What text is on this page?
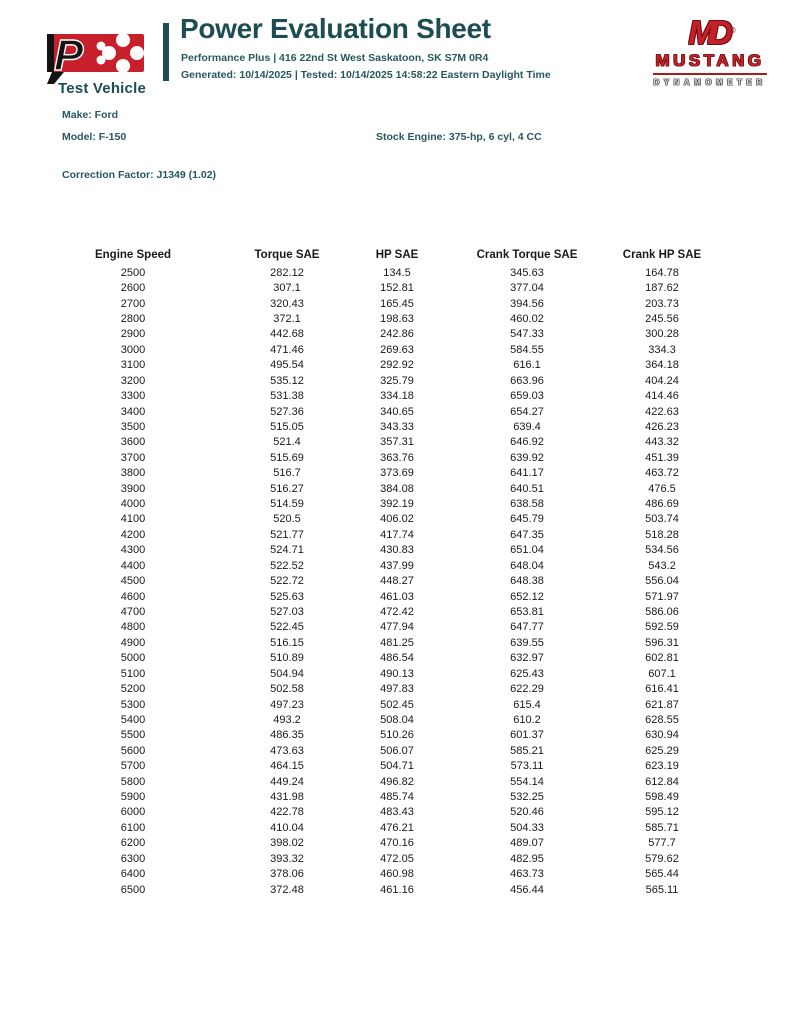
P
Test Vehicle
Power Evaluation Sheet
Performance Plus | 416 22nd St West Saskatoon, SK S7M 0R4
Generated: 10/14/2025 | Tested: 10/14/2025 14:58:22 Eastern Daylight Time
MD ®
MUSTANG
DYNAMOMETER
Make: Ford
Model: F-150	Stock Engine: 375-hp, 6 cyl, 4 CC
Correction Factor: J1349 (1.02)
Engine Speed	Torque SAE	HP SAE	Crank Torque SAE	Crank HP SAE
2500	282.12	134.5	345.63	164.78
2600	307.1	152.81	377.04	187.62
2700	320.43	165.45	394.56	203.73
2800	372.1	198.63	460.02	245.56
2900	442.68	242.86	547.33	300.28
3000	471.46	269.63	584.55	334.3
3100	495.54	292.92	616.1	364.18
3200	535.12	325.79	663.96	404.24
3300	531.38	334.18	659.03	414.46
3400	527.36	340.65	654.27	422.63
3500	515.05	343.33	639.4	426.23
3600	521.4	357.31	646.92	443.32
3700	515.69	363.76	639.92	451.39
3800	516.7	373.69	641.17	463.72
3900	516.27	384.08	640.51	476.5
4000	514.59	392.19	638.58	486.69
4100	520.5	406.02	645.79	503.74
4200	521.77	417.74	647.35	518.28
4300	524.71	430.83	651.04	534.56
4400	522.52	437.99	648.04	543.2
4500	522.72	448.27	648.38	556.04
4600	525.63	461.03	652.12	571.97
4700	527.03	472.42	653.81	586.06
4800	522.45	477.94	647.77	592.59
4900	516.15	481.25	639.55	596.31
5000	510.89	486.54	632.97	602.81
5100	504.94	490.13	625.43	607.1
5200	502.58	497.83	622.29	616.41
5300	497.23	502.45	615.4	621.87
5400	493.2	508.04	610.2	628.55
5500	486.35	510.26	601.37	630.94
5600	473.63	506.07	585.21	625.29
5700	464.15	504.71	573.11	623.19
5800	449.24	496.82	554.14	612.84
5900	431.98	485.74	532.25	598.49
6000	422.78	483.43	520.46	595.12
6100	410.04	476.21	504.33	585.71
6200	398.02	470.16	489.07	577.7
6300	393.32	472.05	482.95	579.62
6400	378.06	460.98	463.73	565.44
6500	372.48	461.16	456.44	565.11
